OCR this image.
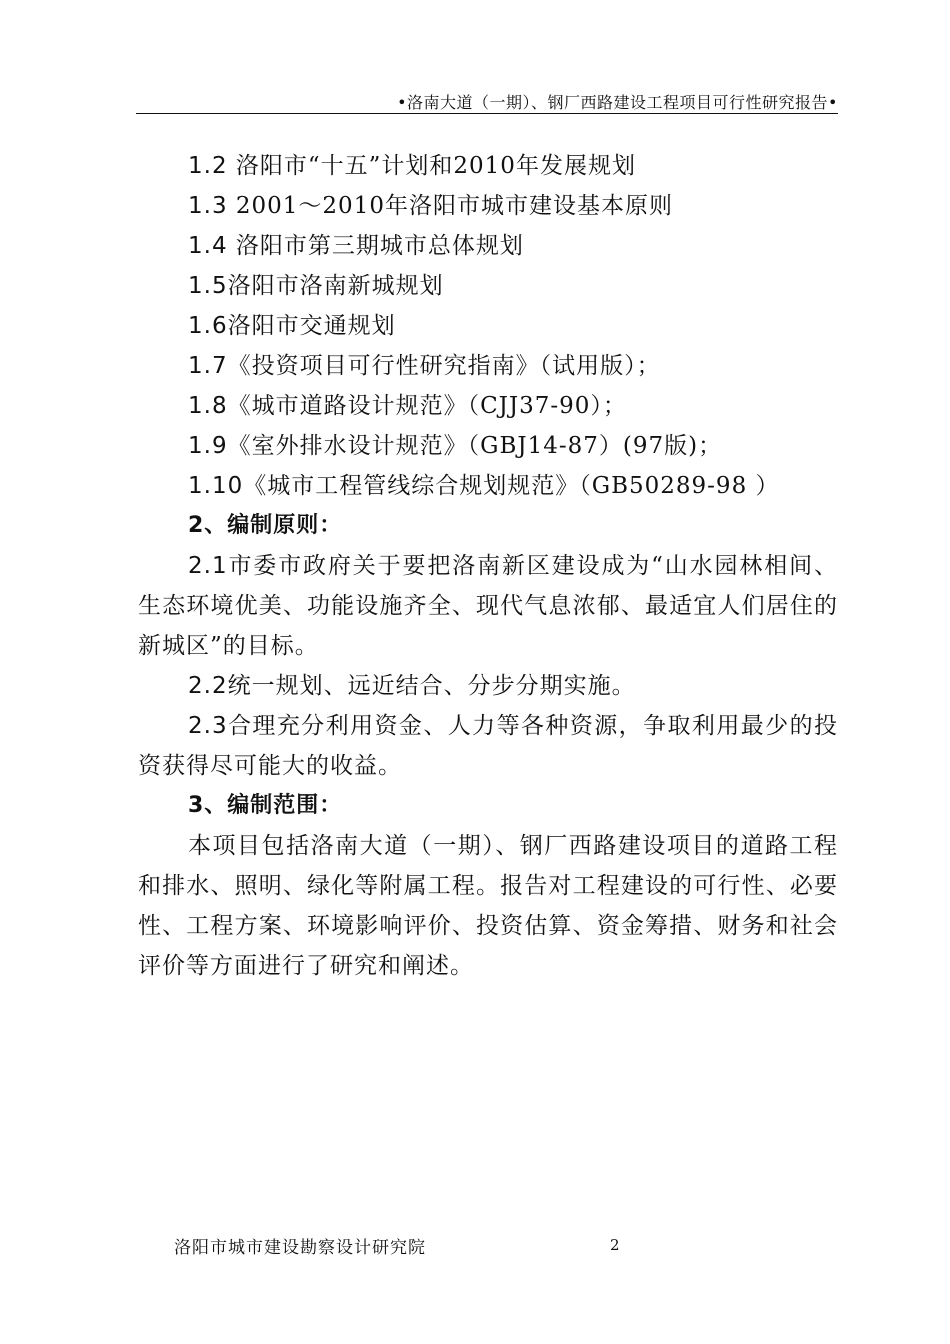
•洛南大道（一期）、钢厂西路建设工程项目可行性研究报告•
1.2 洛阳市“十五”计划和2010年发展规划
1.3 2001～2010年洛阳市城市建设基本原则
1.4 洛阳市第三期城市总体规划
1.5洛阳市洛南新城规划
1.6洛阳市交通规划
1.7《投资项目可行性研究指南》（试用版）；
1.8《城市道路设计规范》（CJJ37-90）；
1.9《室外排水设计规范》（GBJ14-87）(97版)；
1.10《城市工程管线综合规划规范》（GB50289-98 ）
2、编制原则：
2.1市委市政府关于要把洛南新区建设成为“山水园林相间、生态环境优美、功能设施齐全、现代气息浓郁、最适宜人们居住的新城区”的目标。
2.2统一规划、远近结合、分步分期实施。
2.3合理充分利用资金、人力等各种资源，争取利用最少的投资获得尽可能大的收益。
3、编制范围：
本项目包括洛南大道（一期）、钢厂西路建设项目的道路工程和排水、照明、绿化等附属工程。报告对工程建设的可行性、必要性、工程方案、环境影响评价、投资估算、资金筹措、财务和社会评价等方面进行了研究和阐述。
洛阳市城市建设勘察设计研究院	2
